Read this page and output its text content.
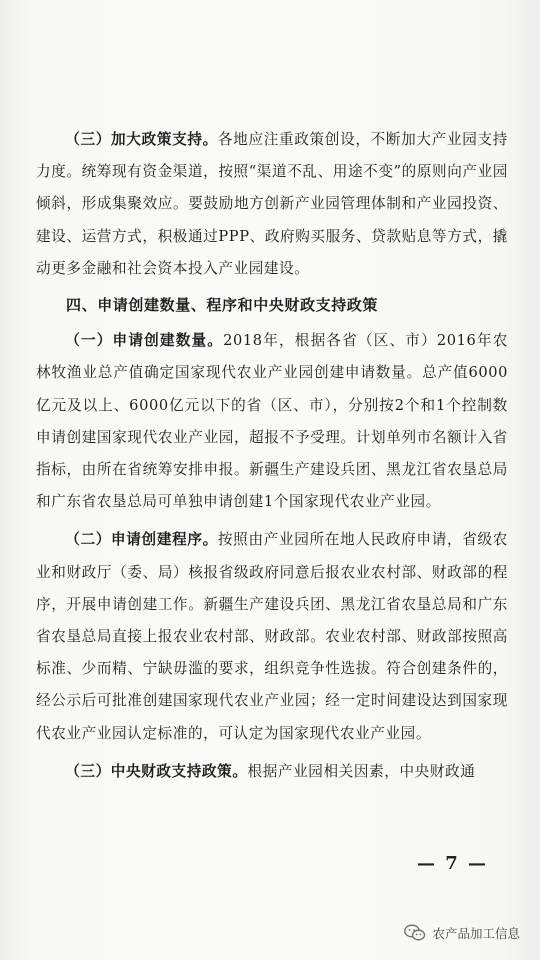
（三）加大政策支持。各地应注重政策创设，不断加大产业园支持力度。统筹现有资金渠道，按照“渠道不乱、用途不变”的原则向产业园倾斜，形成集聚效应。要鼓励地方创新产业园管理体制和产业园投资、建设、运营方式，积极通过PPP、政府购买服务、贷款贴息等方式，撬动更多金融和社会资本投入产业园建设。

四、申请创建数量、程序和中央财政支持政策

（一）申请创建数量。2018年，根据各省（区、市）2016年农林牧渔业总产值确定国家现代农业产业园创建申请数量。总产值6000亿元及以上、6000亿元以下的省（区、市），分别按2个和1个控制数申请创建国家现代农业产业园，超报不予受理。计划单列市名额计入省指标，由所在省统筹安排申报。新疆生产建设兵团、黑龙江省农垦总局和广东省农垦总局可单独申请创建1个国家现代农业产业园。

（二）申请创建程序。按照由产业园所在地人民政府申请，省级农业和财政厅（委、局）核报省级政府同意后报农业农村部、财政部的程序，开展申请创建工作。新疆生产建设兵团、黑龙江省农垦总局和广东省农垦总局直接上报农业农村部、财政部。农业农村部、财政部按照高标准、少而精、宁缺毋滥的要求，组织竞争性选拔。符合创建条件的，经公示后可批准创建国家现代农业产业园；经一定时间建设达到国家现代农业产业园认定标准的，可认定为国家现代农业产业园。

（三）中央财政支持政策。根据产业园相关因素，中央财政通

— 7 —
农产品加工信息
